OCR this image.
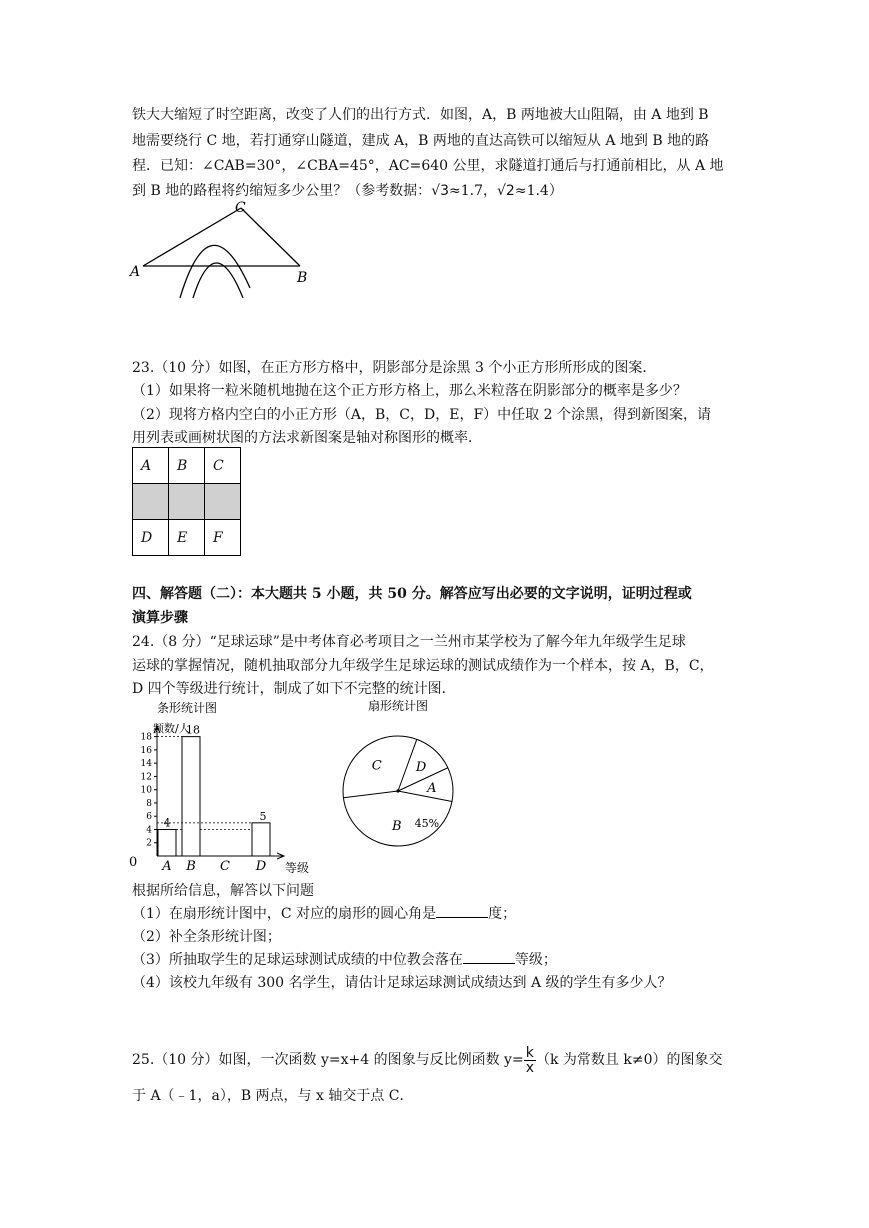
铁大大缩短了时空距离，改变了人们的出行方式．如图，A，B 两地被大山阻隔，由 A 地到 B
地需要绕行 C 地，若打通穿山隧道，建成 A，B 两地的直达高铁可以缩短从 A 地到 B 地的路
程．已知：∠CAB=30°，∠CBA=45°，AC=640 公里，求隧道打通后与打通前相比，从 A 地
到 B 地的路程将约缩短多少公里？（参考数据：√3≈1.7，√2≈1.4）
A	B
C
23.（10 分）如图，在正方形方格中，阴影部分是涂黑 3 个小正方形所形成的图案．
（1）如果将一粒米随机地抛在这个正方形方格上，那么米粒落在阴影部分的概率是多少？
（2）现将方格内空白的小正方形（A，B，C，D，E，F）中任取 2 个涂黑，得到新图案，请
用列表或画树状图的方法求新图案是轴对称图形的概率．
A	B	C

D	E	F
四、解答题（二）：本大题共 5 小题，共 50 分。解答应写出必要的文字说明，证明过程或
演算步骤
24.（8 分）“足球运球”是中考体育必考项目之一兰州市某学校为了解今年九年级学生足球
运球的掌握情况，随机抽取部分九年级学生足球运球的测试成绩作为一个样本，按 A，B，C，
D 四个等级进行统计，制成了如下不完整的统计图．
条形统计图
频数/人
等级
0
2
4
6
8
10
12
14
16
18
A
4
B
18
C D
5
扇形统计图
A
B 45%
C	D
根据所给信息，解答以下问题
（1）在扇形统计图中，C 对应的扇形的圆心角是	度；
（2）补全条形统计图；
（3）所抽取学生的足球运球测试成绩的中位教会落在	等级；
（4）该校九年级有 300 名学生，请估计足球运球测试成绩达到 A 级的学生有多少人？
25.（10 分）如图，一次函数 y=x+4 的图象与反比例函数 $y= \frac{k}{x} (k$ 为常数且 k≠0）的图象交
于 A（﹣1，a），B 两点，与 x 轴交于点 C．
